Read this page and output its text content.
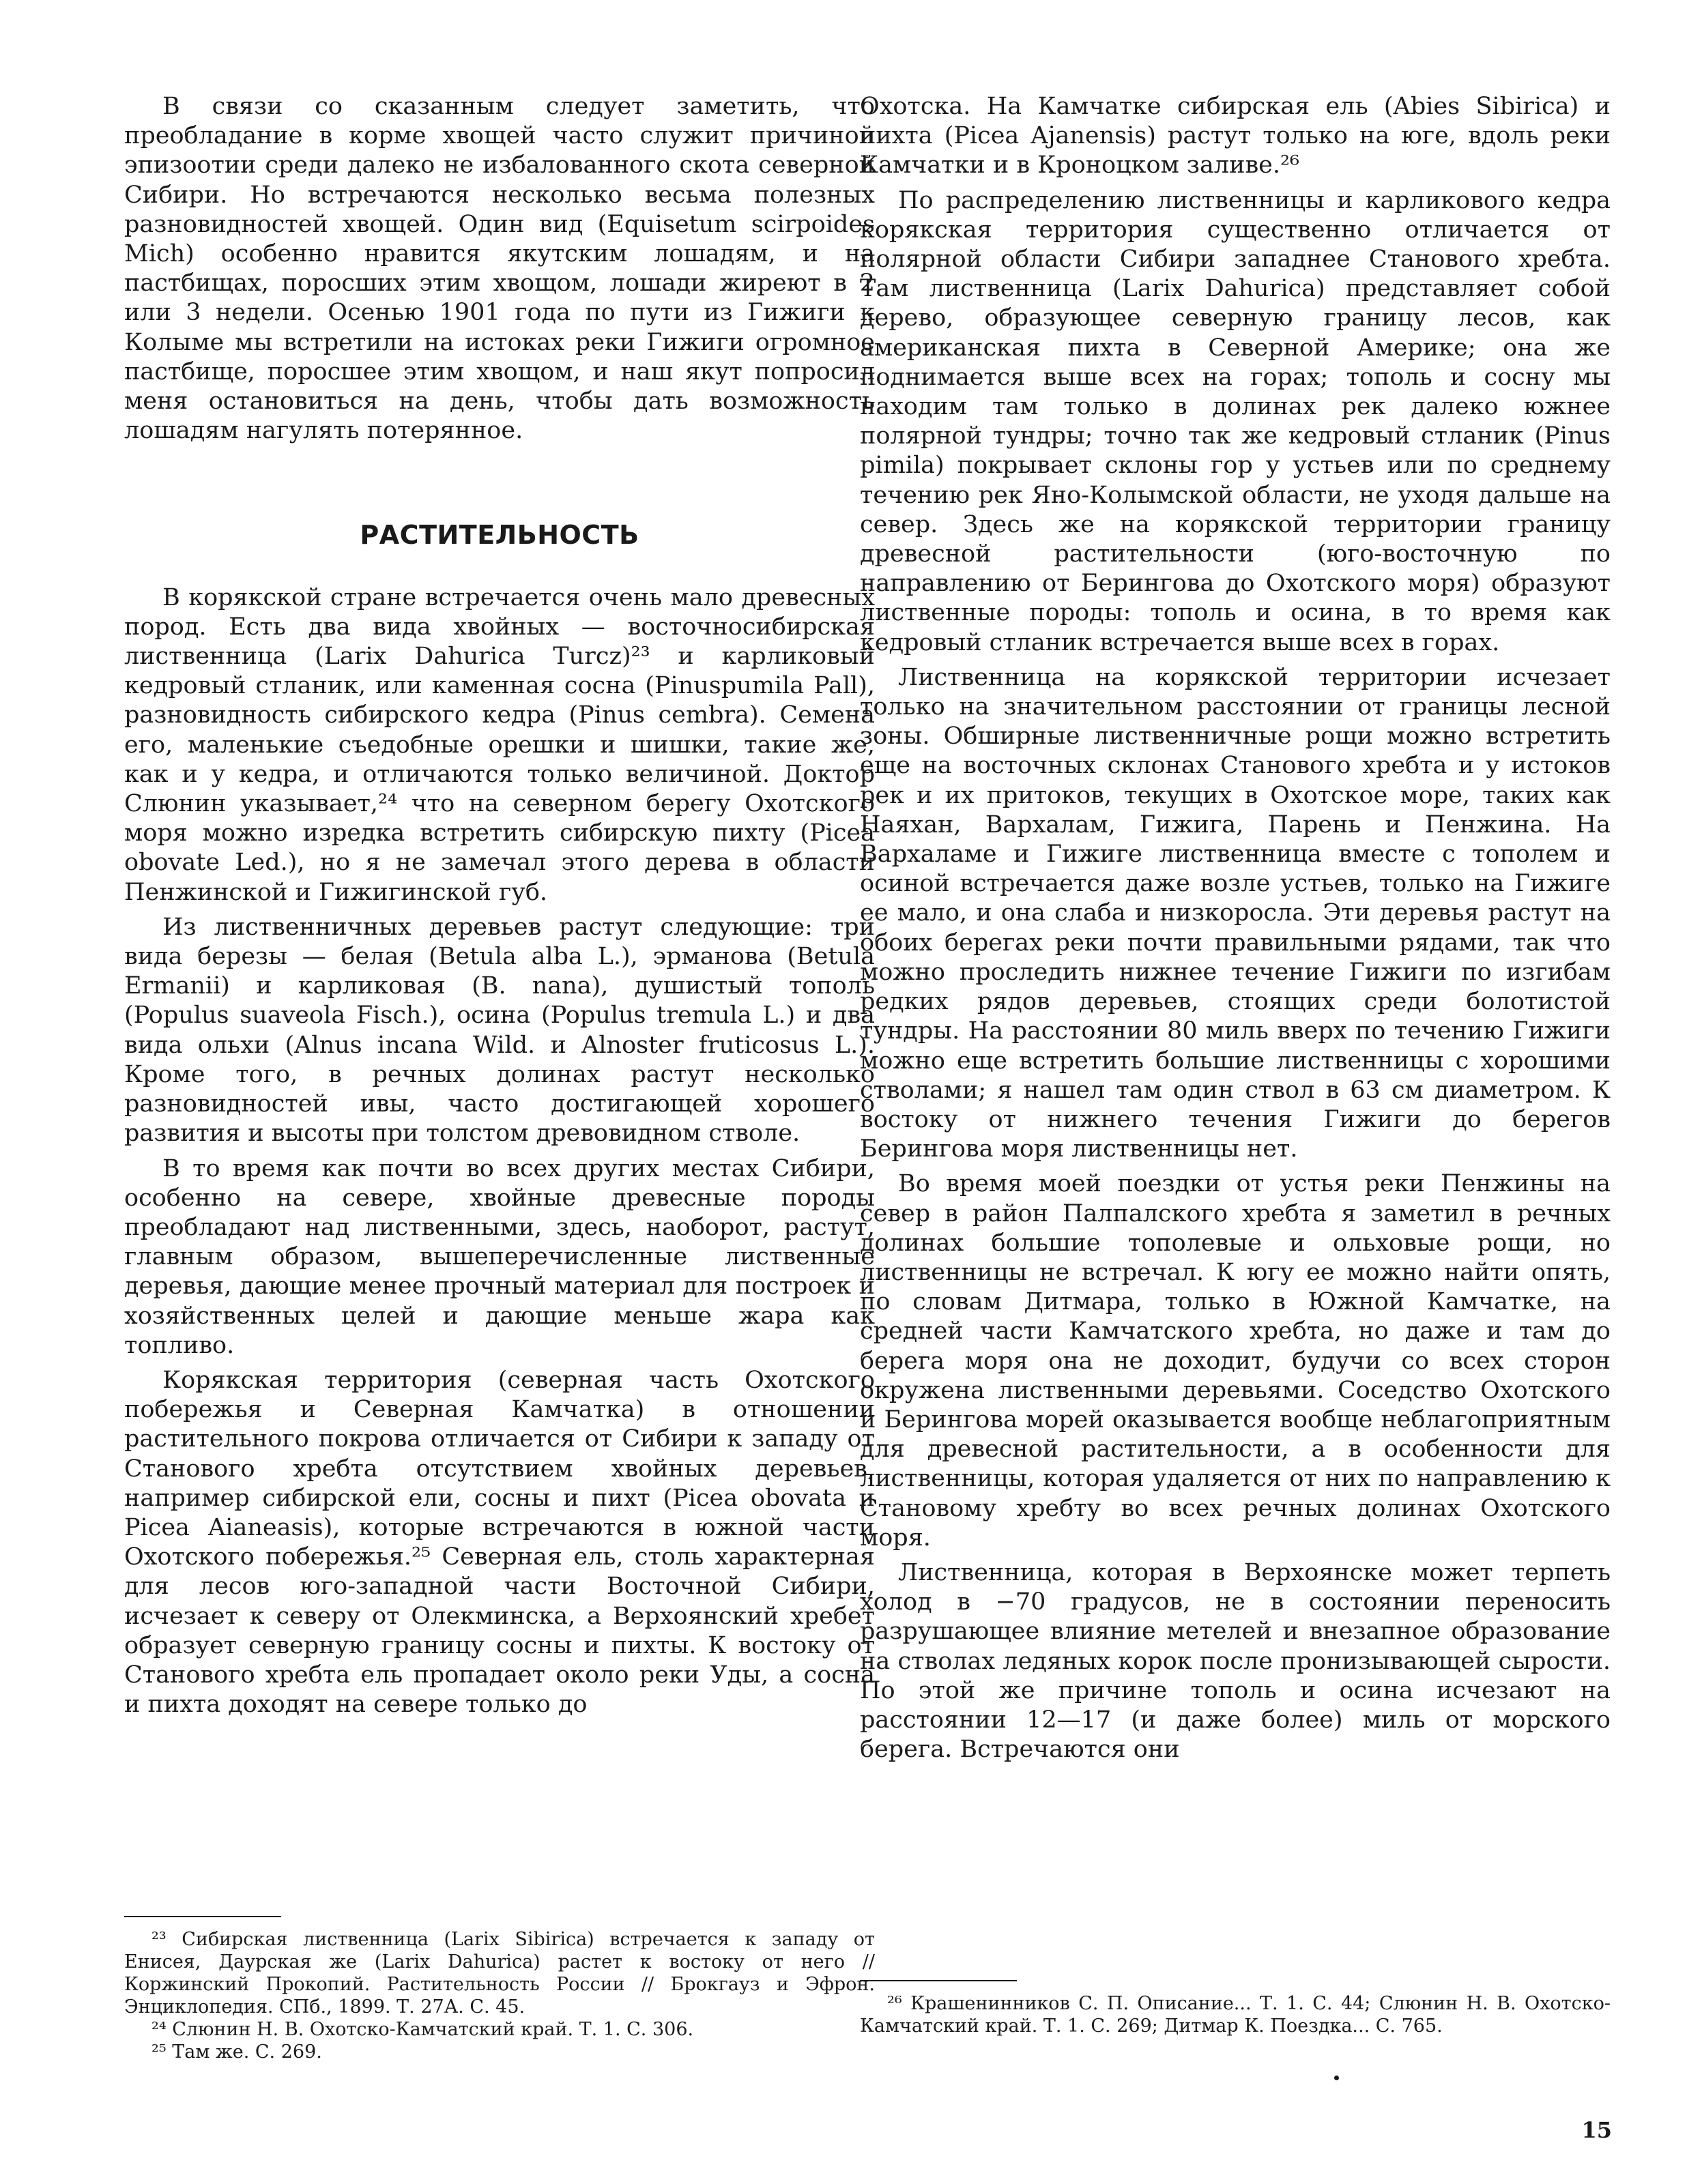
В связи со сказанным следует заметить, что преобладание в корме хвощей часто служит причиной эпизоотии среди далеко не избалованного скота северной Сибири. Но встречаются несколько весьма полезных разновидностей хвощей. Один вид (Equisetum scirpoides Mich) особенно нравится якутским лошадям, и на пастбищах, поросших этим хвощом, лошади жиреют в 2 или 3 недели. Осенью 1901 года по пути из Гижиги к Колыме мы встретили на истоках реки Гижиги огромное пастбище, поросшее этим хвощом, и наш якут попросил меня остановиться на день, чтобы дать возможность лошадям нагулять потерянное.

РАСТИТЕЛЬНОСТЬ

В корякской стране встречается очень мало древесных пород. Есть два вида хвойных — восточносибирская лиственница (Larix Dahurica Turcz)²³ и карликовый кедровый стланик, или каменная сосна (Pinuspumila Pall), разновидность сибирского кедра (Pinus cembra). Семена его, маленькие съедобные орешки и шишки, такие же, как и у кедра, и отличаются только величиной. Доктор Слюнин указывает,²⁴ что на северном берегу Охотского моря можно изредка встретить сибирскую пихту (Picea obovate Led.), но я не замечал этого дерева в области Пенжинской и Гижигинской губ.

Из лиственничных деревьев растут следующие: три вида березы — белая (Betula alba L.), эрманова (Betula Ermanii) и карликовая (B. nana), душистый тополь (Populus suaveola Fisch.), осина (Populus tremula L.) и два вида ольхи (Alnus incana Wild. и Alnoster fruticosus L.). Кроме того, в речных долинах растут несколько разновидностей ивы, часто достигающей хорошего развития и высоты при толстом древовидном стволе.

В то время как почти во всех других местах Сибири, особенно на севере, хвойные древесные породы преобладают над лиственными, здесь, наоборот, растут, главным образом, вышеперечисленные лиственные деревья, дающие менее прочный материал для построек и хозяйственных целей и дающие меньше жара как топливо.

Корякская территория (северная часть Охотского побережья и Северная Камчатка) в отношении растительного покрова отличается от Сибири к западу от Станового хребта отсутствием хвойных деревьев, например сибирской ели, сосны и пихт (Picea obovata и Picea Aianeasis), которые встречаются в южной части Охотского побережья.²⁵ Северная ель, столь характерная для лесов юго-западной части Восточной Сибири, исчезает к северу от Олекминска, а Верхоянский хребет образует северную границу сосны и пихты. К востоку от Станового хребта ель пропадает около реки Уды, а сосна и пихта доходят на севере только до

²³ Сибирская лиственница (Larix Sibirica) встречается к западу от Енисея, Даурская же (Larix Dahurica) растет к востоку от него // Коржинский Прокопий. Растительность России // Брокгауз и Эфрон. Энциклопедия. СПб., 1899. Т. 27А. С. 45.

²⁴ Слюнин Н. В. Охотско-Камчатский край. Т. 1. С. 306.

²⁵ Там же. С. 269.

Охотска. На Камчатке сибирская ель (Abies Sibirica) и пихта (Picea Ajanensis) растут только на юге, вдоль реки Камчатки и в Кроноцком заливе.²⁶

По распределению лиственницы и карликового кедра корякская территория существенно отличается от полярной области Сибири западнее Станового хребта. Там лиственница (Larix Dahurica) представляет собой дерево, образующее северную границу лесов, как американская пихта в Северной Америке; она же поднимается выше всех на горах; тополь и сосну мы находим там только в долинах рек далеко южнее полярной тундры; точно так же кедровый стланик (Pinus pimila) покрывает склоны гор у устьев или по среднему течению рек Яно-Колымской области, не уходя дальше на север. Здесь же на корякской территории границу древесной растительности (юго-восточную по направлению от Берингова до Охотского моря) образуют лиственные породы: тополь и осина, в то время как кедровый стланик встречается выше всех в горах.

Лиственница на корякской территории исчезает только на значительном расстоянии от границы лесной зоны. Обширные лиственничные рощи можно встретить еще на восточных склонах Станового хребта и у истоков рек и их притоков, текущих в Охотское море, таких как Наяхан, Вархалам, Гижига, Парень и Пенжина. На Вархаламе и Гижиге лиственница вместе с тополем и осиной встречается даже возле устьев, только на Гижиге ее мало, и она слаба и низкоросла. Эти деревья растут на обоих берегах реки почти правильными рядами, так что можно проследить нижнее течение Гижиги по изгибам редких рядов деревьев, стоящих среди болотистой тундры. На расстоянии 80 миль вверх по течению Гижиги можно еще встретить большие лиственницы с хорошими стволами; я нашел там один ствол в 63 см диаметром. К востоку от нижнего течения Гижиги до берегов Берингова моря лиственницы нет.

Во время моей поездки от устья реки Пенжины на север в район Палпалского хребта я заметил в речных долинах большие тополевые и ольховые рощи, но лиственницы не встречал. К югу ее можно найти опять, по словам Дитмара, только в Южной Камчатке, на средней части Камчатского хребта, но даже и там до берега моря она не доходит, будучи со всех сторон окружена лиственными деревьями. Соседство Охотского и Берингова морей оказывается вообще неблагоприятным для древесной растительности, а в особенности для лиственницы, которая удаляется от них по направлению к Становому хребту во всех речных долинах Охотского моря.

Лиственница, которая в Верхоянске может терпеть холод в −70 градусов, не в состоянии переносить разрушающее влияние метелей и внезапное образование на стволах ледяных корок после пронизывающей сырости. По этой же причине тополь и осина исчезают на расстоянии 12—17 (и даже более) миль от морского берега. Встречаются они

²⁶ Крашенинников С. П. Описание... Т. 1. С. 44; Слюнин Н. В. Охотско-Камчатский край. Т. 1. С. 269; Дитмар К. Поездка... С. 765.

15
